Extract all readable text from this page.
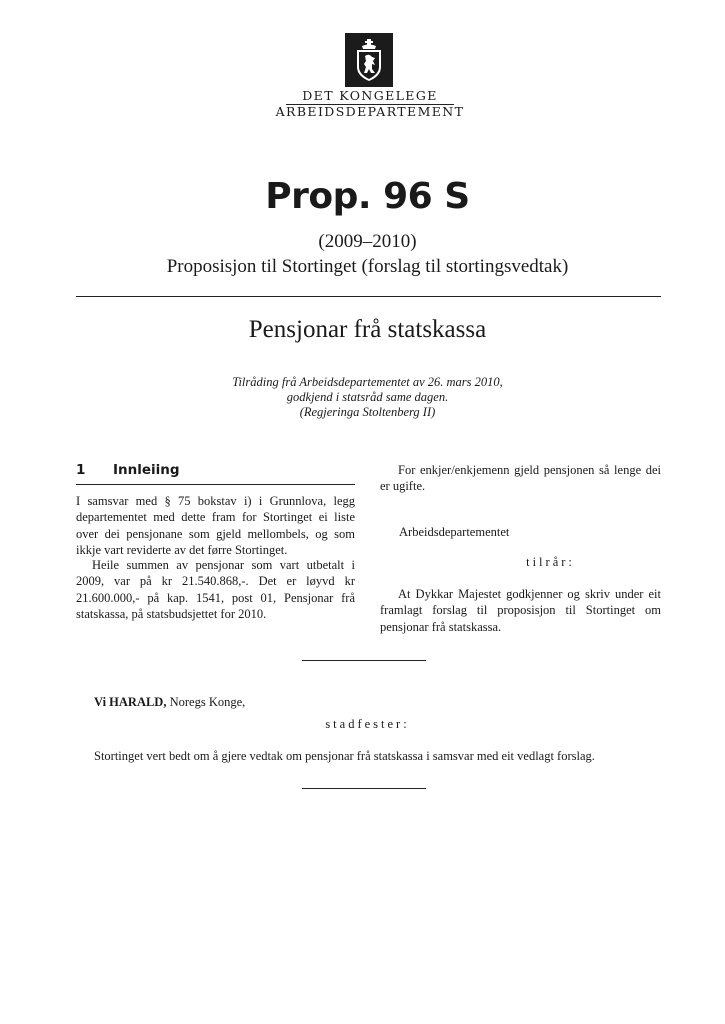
DET KONGELEGE
ARBEIDSDEPARTEMENT
Prop. 96 S
(2009–2010)
Proposisjon til Stortinget (forslag til stortingsvedtak)
Pensjonar frå statskassa
Tilråding frå Arbeidsdepartementet av 26. mars 2010,
godkjend i statsråd same dagen.
(Regjeringa Stoltenberg II)
1 Innleiing
I samsvar med § 75 bokstav i) i Grunnlova, legg departementet med dette fram for Stortinget ei liste over dei pensjonane som gjeld mellombels, og som ikkje vart reviderte av det førre Stortinget.
Heile summen av pensjonar som vart utbetalt i 2009, var på kr 21.540.868,-. Det er løyvd kr 21.600.000,- på kap. 1541, post 01, Pensjonar frå statskassa, på statsbudsjettet for 2010.
For enkjer/enkjemenn gjeld pensjonen så lenge dei er ugifte.
Arbeidsdepartementet
tilrår:
At Dykkar Majestet godkjenner og skriv under eit framlagt forslag til proposisjon til Stortinget om pensjonar frå statskassa.
Vi HARALD, Noregs Konge,
stadfester:
Stortinget vert bedt om å gjere vedtak om pensjonar frå statskassa i samsvar med eit vedlagt forslag.
